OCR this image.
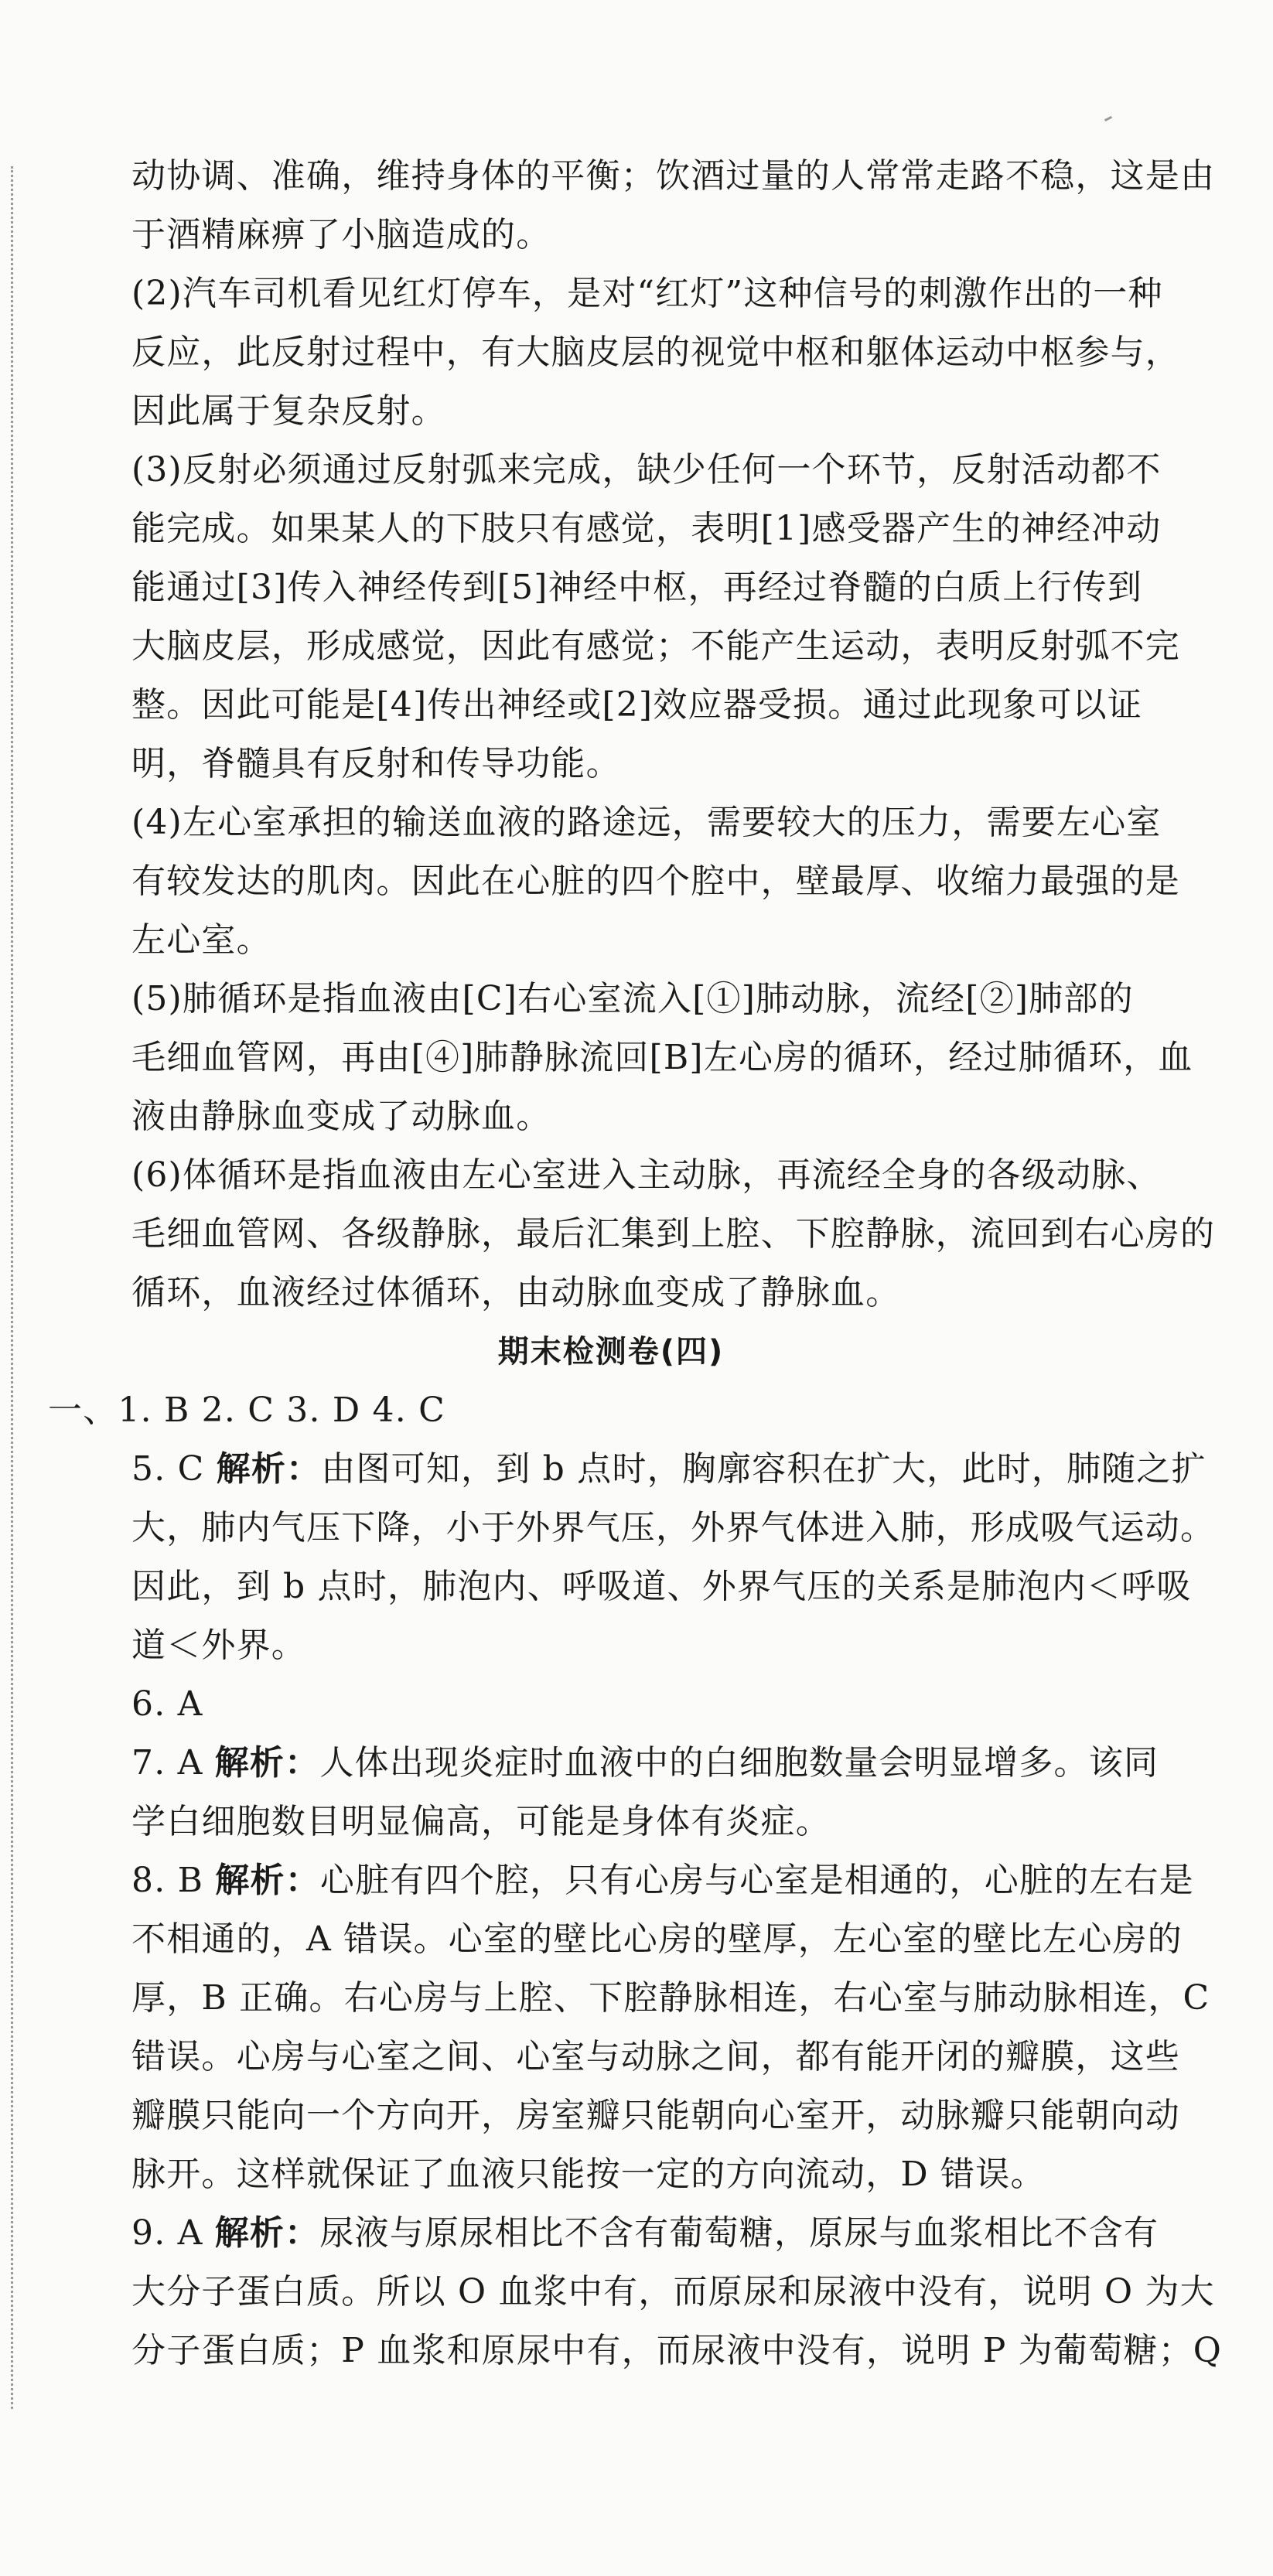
动协调、准确，维持身体的平衡；饮酒过量的人常常走路不稳，这是由
于酒精麻痹了小脑造成的。
(2)汽车司机看见红灯停车，是对“红灯”这种信号的刺激作出的一种
反应，此反射过程中，有大脑皮层的视觉中枢和躯体运动中枢参与，
因此属于复杂反射。
(3)反射必须通过反射弧来完成，缺少任何一个环节，反射活动都不
能完成。如果某人的下肢只有感觉，表明[1]感受器产生的神经冲动
能通过[3]传入神经传到[5]神经中枢，再经过脊髓的白质上行传到
大脑皮层，形成感觉，因此有感觉；不能产生运动，表明反射弧不完
整。因此可能是[4]传出神经或[2]效应器受损。通过此现象可以证
明，脊髓具有反射和传导功能。
(4)左心室承担的输送血液的路途远，需要较大的压力，需要左心室
有较发达的肌肉。因此在心脏的四个腔中，壁最厚、收缩力最强的是
左心室。
(5)肺循环是指血液由[C]右心室流入[①]肺动脉，流经[②]肺部的
毛细血管网，再由[④]肺静脉流回[B]左心房的循环，经过肺循环，血
液由静脉血变成了动脉血。
(6)体循环是指血液由左心室进入主动脉，再流经全身的各级动脉、
毛细血管网、各级静脉，最后汇集到上腔、下腔静脉，流回到右心房的
循环，血液经过体循环，由动脉血变成了静脉血。
期末检测卷(四)
一、1. B 2. C 3. D 4. C
5. C 解析：由图可知，到 b 点时，胸廓容积在扩大，此时，肺随之扩
大，肺内气压下降，小于外界气压，外界气体进入肺，形成吸气运动。
因此，到 b 点时，肺泡内、呼吸道、外界气压的关系是肺泡内＜呼吸
道＜外界。
6. A
7. A 解析：人体出现炎症时血液中的白细胞数量会明显增多。该同
学白细胞数目明显偏高，可能是身体有炎症。
8. B 解析：心脏有四个腔，只有心房与心室是相通的，心脏的左右是
不相通的，A 错误。心室的壁比心房的壁厚，左心室的壁比左心房的
厚，B 正确。右心房与上腔、下腔静脉相连，右心室与肺动脉相连，C
错误。心房与心室之间、心室与动脉之间，都有能开闭的瓣膜，这些
瓣膜只能向一个方向开，房室瓣只能朝向心室开，动脉瓣只能朝向动
脉开。这样就保证了血液只能按一定的方向流动，D 错误。
9. A 解析：尿液与原尿相比不含有葡萄糖，原尿与血浆相比不含有
大分子蛋白质。所以 O 血浆中有，而原尿和尿液中没有，说明 O 为大
分子蛋白质；P 血浆和原尿中有，而尿液中没有，说明 P 为葡萄糖；Q
